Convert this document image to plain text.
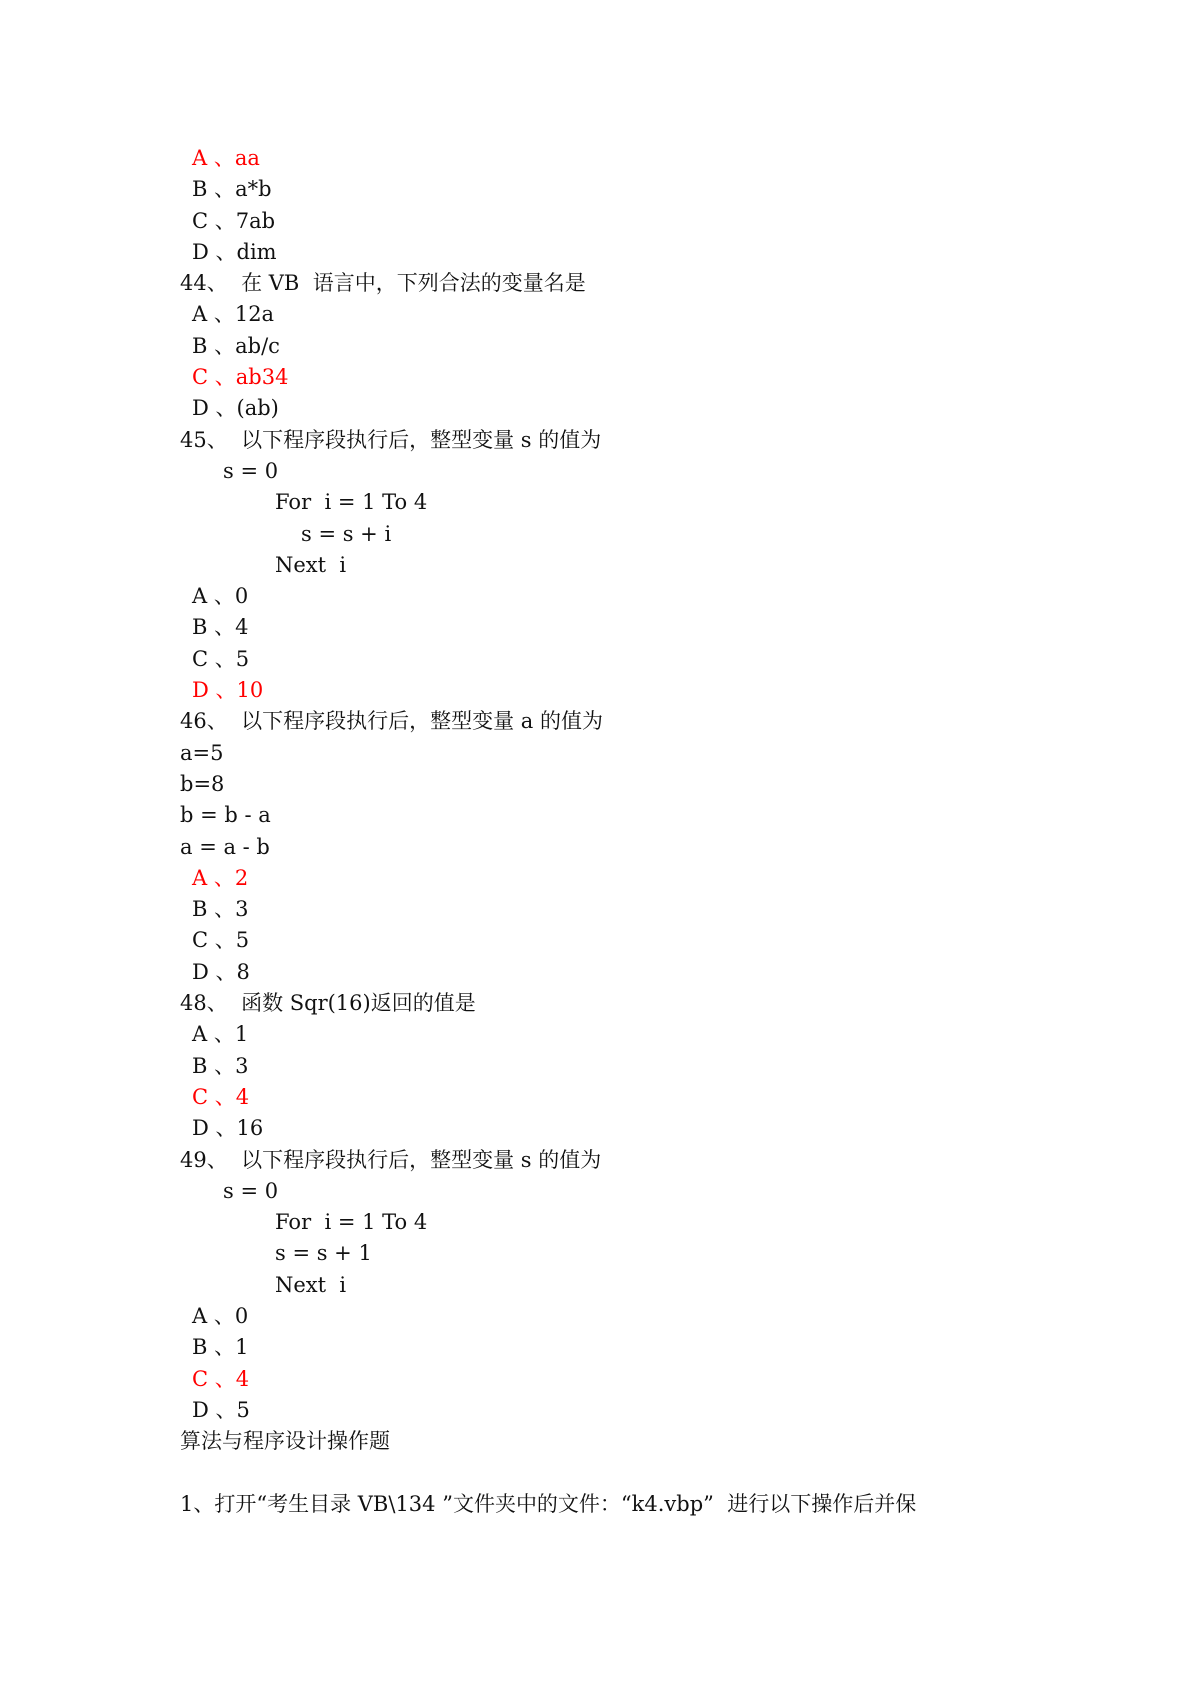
A 、aa
B 、a*b
C 、7ab
D 、dim
44、  在 VB  语言中，下列合法的变量名是
A 、12a
B 、ab/c
C 、ab34
D 、(ab)
45、  以下程序段执行后，整型变量 s 的值为
s = 0
For  i = 1 To 4
s = s + i
Next  i
A 、0
B 、4
C 、5
D 、10
46、  以下程序段执行后，整型变量 a 的值为
a=5
b=8
b = b - a
a = a - b
A 、2
B 、3
C 、5
D 、8
48、  函数 Sqr(16)返回的值是
A 、1
B 、3
C 、4
D 、16
49、  以下程序段执行后，整型变量 s 的值为
s = 0
For  i = 1 To 4
s = s + 1
Next  i
A 、0
B 、1
C 、4
D 、5
算法与程序设计操作题
1、打开“考生目录 VB\134 ”文件夹中的文件：“k4.vbp”  进行以下操作后并保
